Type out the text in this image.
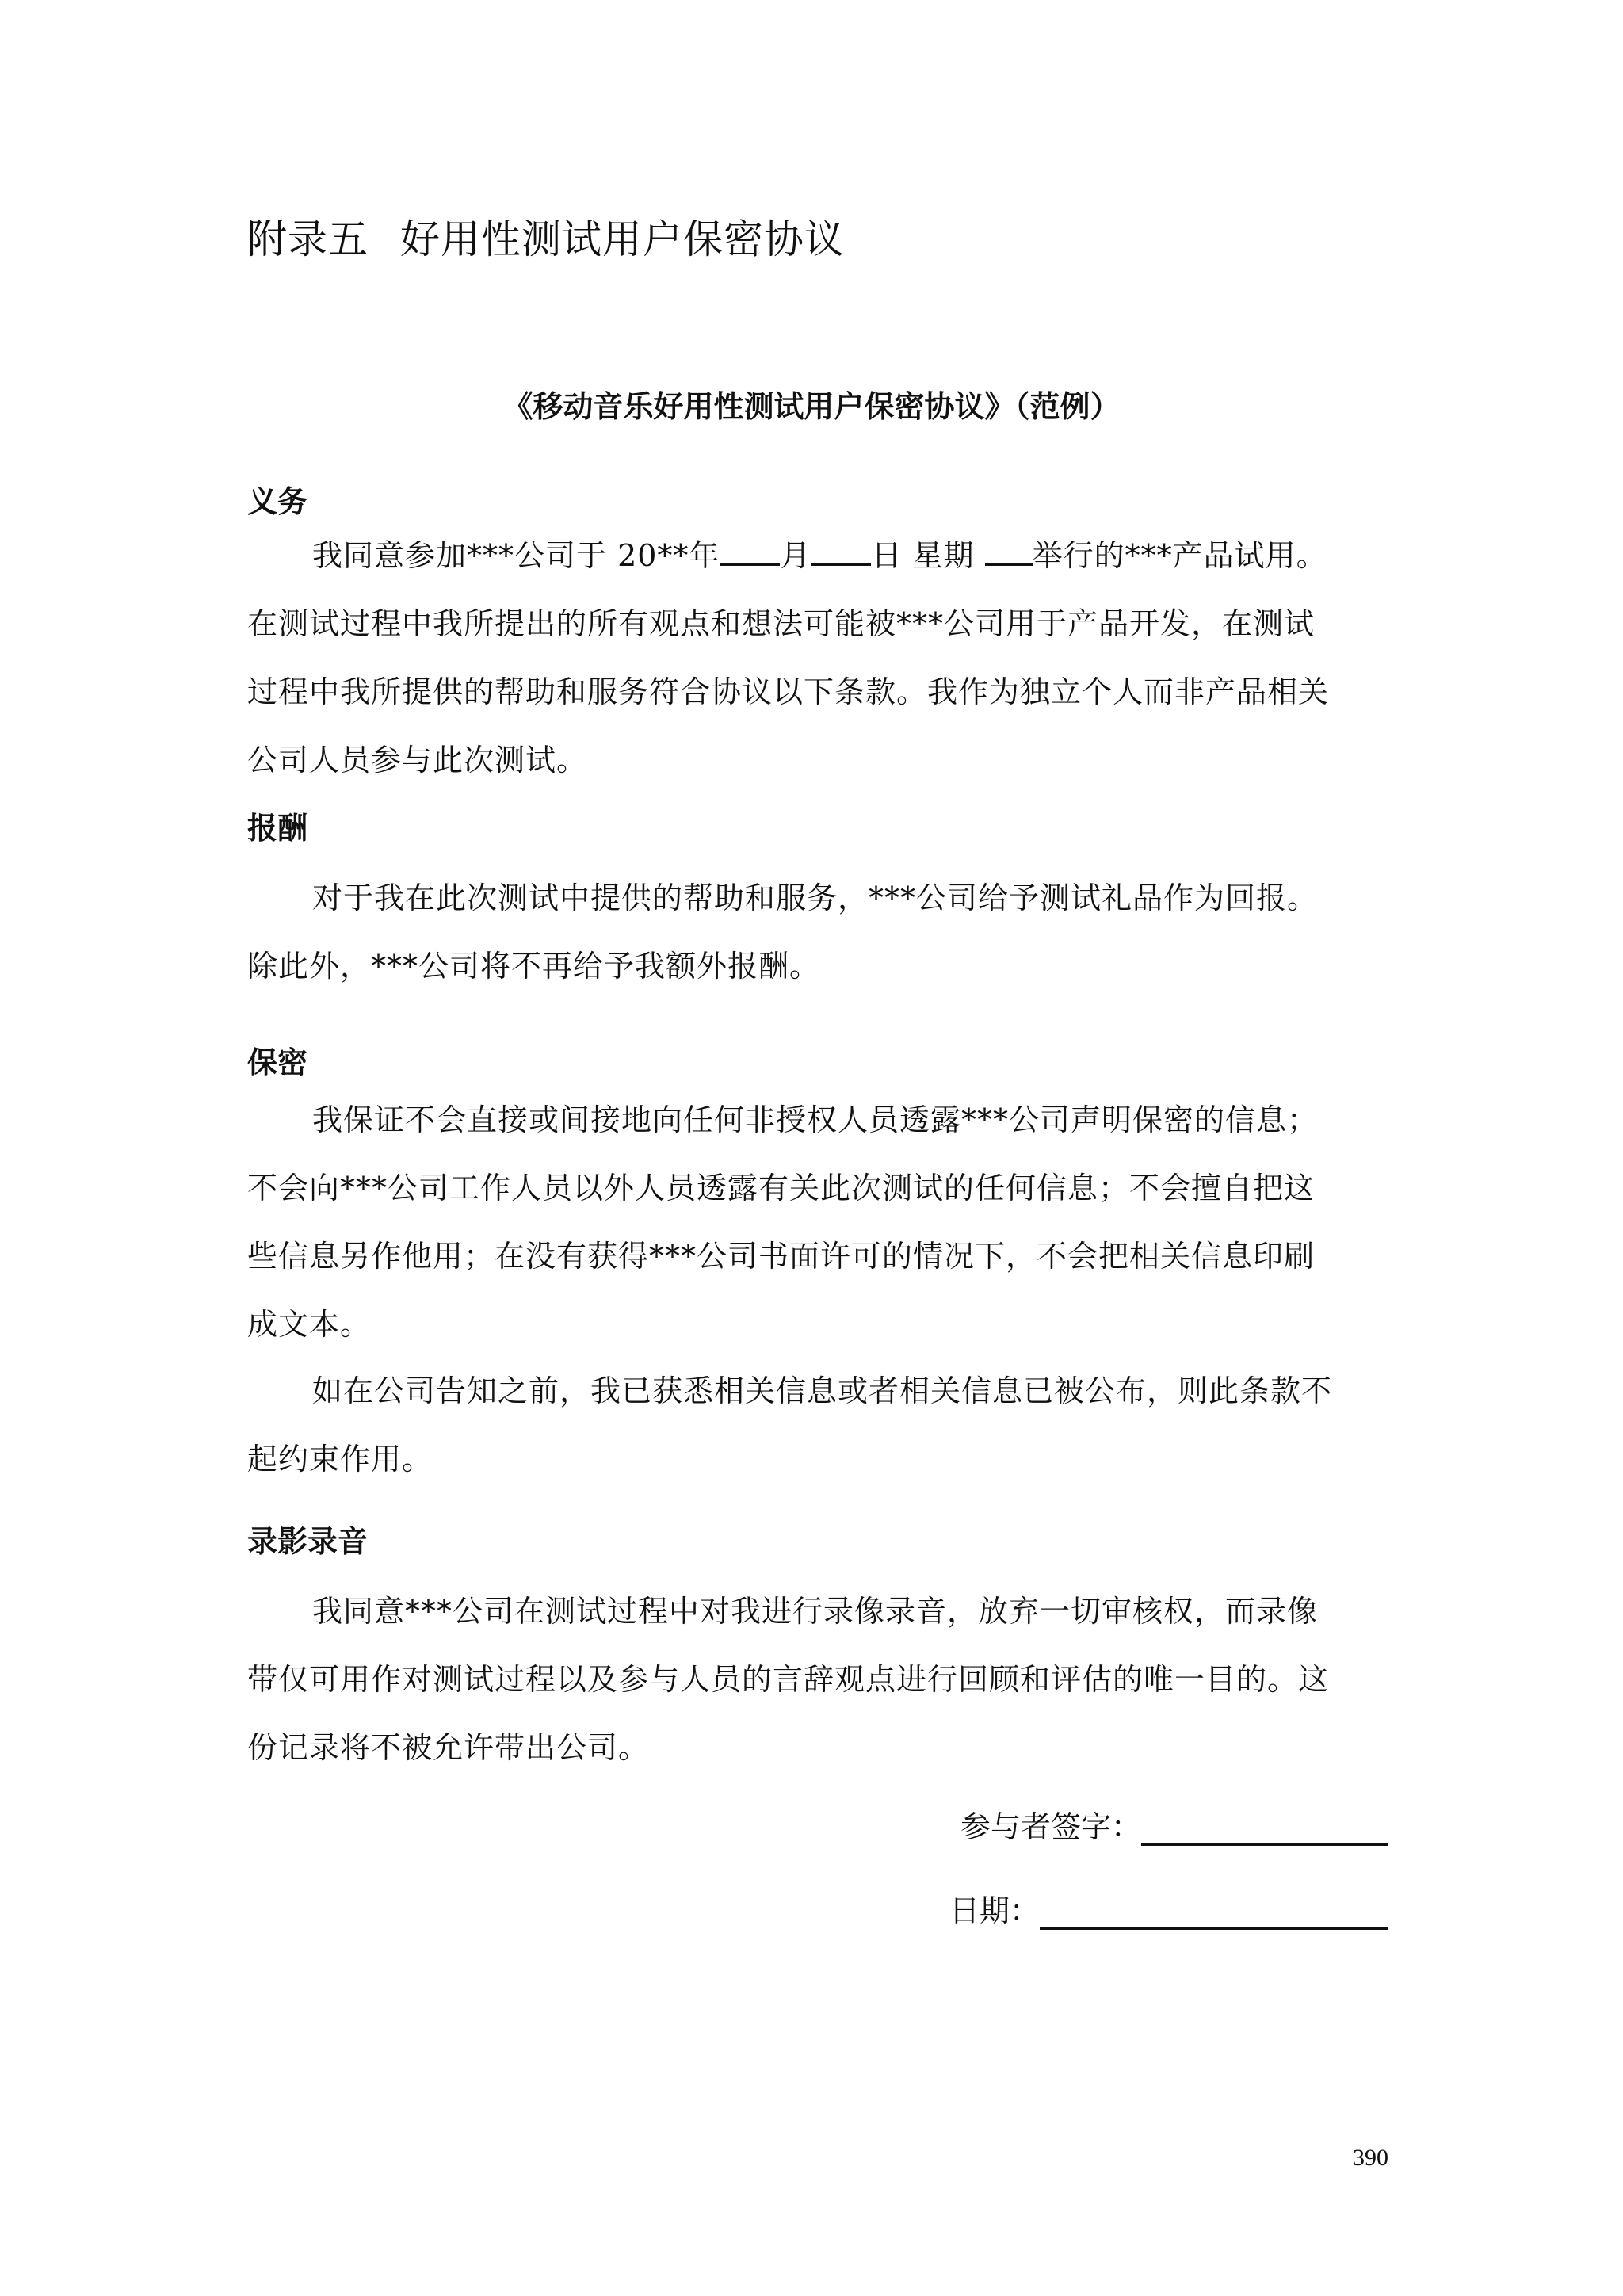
附录五 好用性测试用户保密协议
《移动音乐好用性测试用户保密协议》（范例）
义务
我同意参加***公司于 20**年 月 日 星期 举行的***产品试用。
在测试过程中我所提出的所有观点和想法可能被***公司用于产品开发，在测试
过程中我所提供的帮助和服务符合协议以下条款。我作为独立个人而非产品相关
公司人员参与此次测试。
报酬
对于我在此次测试中提供的帮助和服务，***公司给予测试礼品作为回报。
除此外，***公司将不再给予我额外报酬。
保密
我保证不会直接或间接地向任何非授权人员透露***公司声明保密的信息；
不会向***公司工作人员以外人员透露有关此次测试的任何信息；不会擅自把这
些信息另作他用；在没有获得***公司书面许可的情况下，不会把相关信息印刷
成文本。
如在公司告知之前，我已获悉相关信息或者相关信息已被公布，则此条款不
起约束作用。
录影录音
我同意***公司在测试过程中对我进行录像录音，放弃一切审核权，而录像
带仅可用作对测试过程以及参与人员的言辞观点进行回顾和评估的唯一目的。这
份记录将不被允许带出公司。
参与者签字：
日期：
390
